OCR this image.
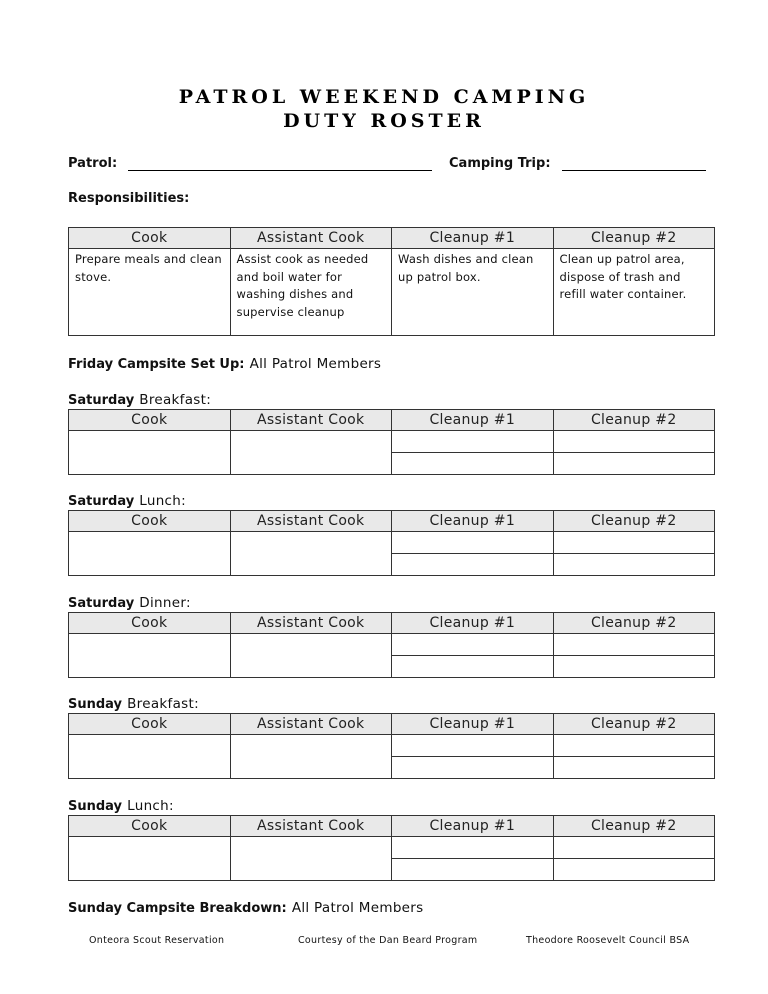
PATROL WEEKEND CAMPING
DUTY ROSTER
Patrol:	Camping Trip:
Responsibilities:
Cook	Assistant Cook	Cleanup #1	Cleanup #2
Prepare meals and clean stove.	Assist cook as needed and boil water for washing dishes and supervise cleanup	Wash dishes and clean up patrol box.	Clean up patrol area, dispose of trash and refill water container.
Friday Campsite Set Up: All Patrol Members
Saturday Breakfast:
Cook	Assistant Cook	Cleanup #1	Cleanup #2

Saturday Lunch:
Cook	Assistant Cook	Cleanup #1	Cleanup #2

Saturday Dinner:
Cook	Assistant Cook	Cleanup #1	Cleanup #2

Sunday Breakfast:
Cook	Assistant Cook	Cleanup #1	Cleanup #2

Sunday Lunch:
Cook	Assistant Cook	Cleanup #1	Cleanup #2

Sunday Campsite Breakdown: All Patrol Members
Onteora Scout Reservation	Courtesy of the Dan Beard Program	Theodore Roosevelt Council BSA
